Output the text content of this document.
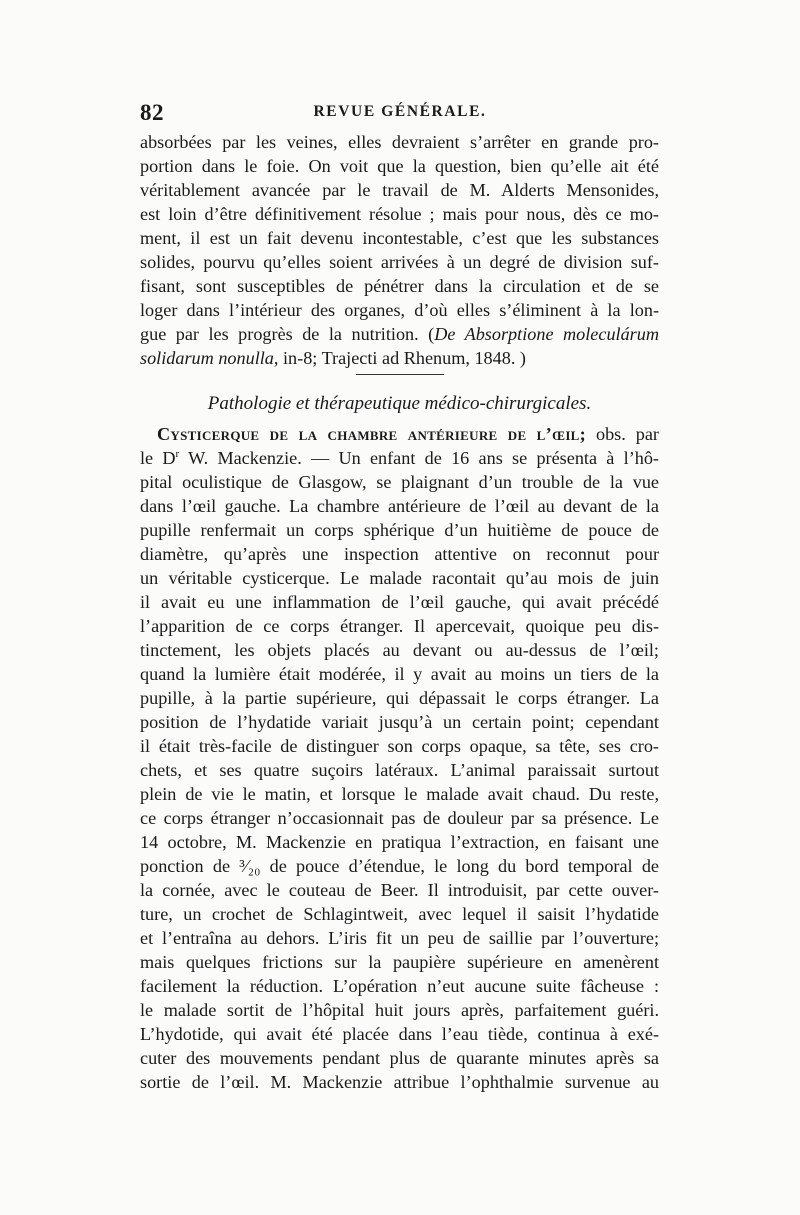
82	REVUE GÉNÉRALE.
absorbées par les veines, elles devraient s’arrêter en grande pro-
portion dans le foie. On voit que la question, bien qu’elle ait été
véritablement avancée par le travail de M. Alderts Mensonides,
est loin d’être définitivement résolue ; mais pour nous, dès ce mo-
ment, il est un fait devenu incontestable, c’est que les substances
solides, pourvu qu’elles soient arrivées à un degré de division suf-
fisant, sont susceptibles de pénétrer dans la circulation et de se
loger dans l’intérieur des organes, d’où elles s’éliminent à la lon-
gue par les progrès de la nutrition. (De Absorptione moleculárum
solidarum nonulla, in-8; Trajecti ad Rhenum, 1848. )
Pathologie et thérapeutique médico-chirurgicales.
Cysticerque de la chambre antérieure de l’œil; obs. par
le $D^r$ W. Mackenzie. — Un enfant de 16 ans se présenta à l’hô-
pital oculistique de Glasgow, se plaignant d’un trouble de la vue
dans l’œil gauche. La chambre antérieure de l’œil au devant de la
pupille renfermait un corps sphérique d’un huitième de pouce de
diamètre, qu’après une inspection attentive on reconnut pour
un véritable cysticerque. Le malade racontait qu’au mois de juin
il avait eu une inflammation de l’œil gauche, qui avait précédé
l’apparition de ce corps étranger. Il apercevait, quoique peu dis-
tinctement, les objets placés au devant ou au-dessus de l’œil;
quand la lumière était modérée, il y avait au moins un tiers de la
pupille, à la partie supérieure, qui dépassait le corps étranger. La
position de l’hydatide variait jusqu’à un certain point; cependant
il était très-facile de distinguer son corps opaque, sa tête, ses cro-
chets, et ses quatre suçoirs latéraux. L’animal paraissait surtout
plein de vie le matin, et lorsque le malade avait chaud. Du reste,
ce corps étranger n’occasionnait pas de douleur par sa présence. Le
14 octobre, M. Mackenzie en pratiqua l’extraction, en faisant une
ponction de ³⁄₂₀ de pouce d’étendue, le long du bord temporal de
la cornée, avec le couteau de Beer. Il introduisit, par cette ouver-
ture, un crochet de Schlagintweit, avec lequel il saisit l’hydatide
et l’entraîna au dehors. L’iris fit un peu de saillie par l’ouverture;
mais quelques frictions sur la paupière supérieure en amenèrent
facilement la réduction. L’opération n’eut aucune suite fâcheuse :
le malade sortit de l’hôpital huit jours après, parfaitement guéri.
L’hydotide, qui avait été placée dans l’eau tiède, continua à exé-
cuter des mouvements pendant plus de quarante minutes après sa
sortie de l’œil. M. Mackenzie attribue l’ophthalmie survenue au
